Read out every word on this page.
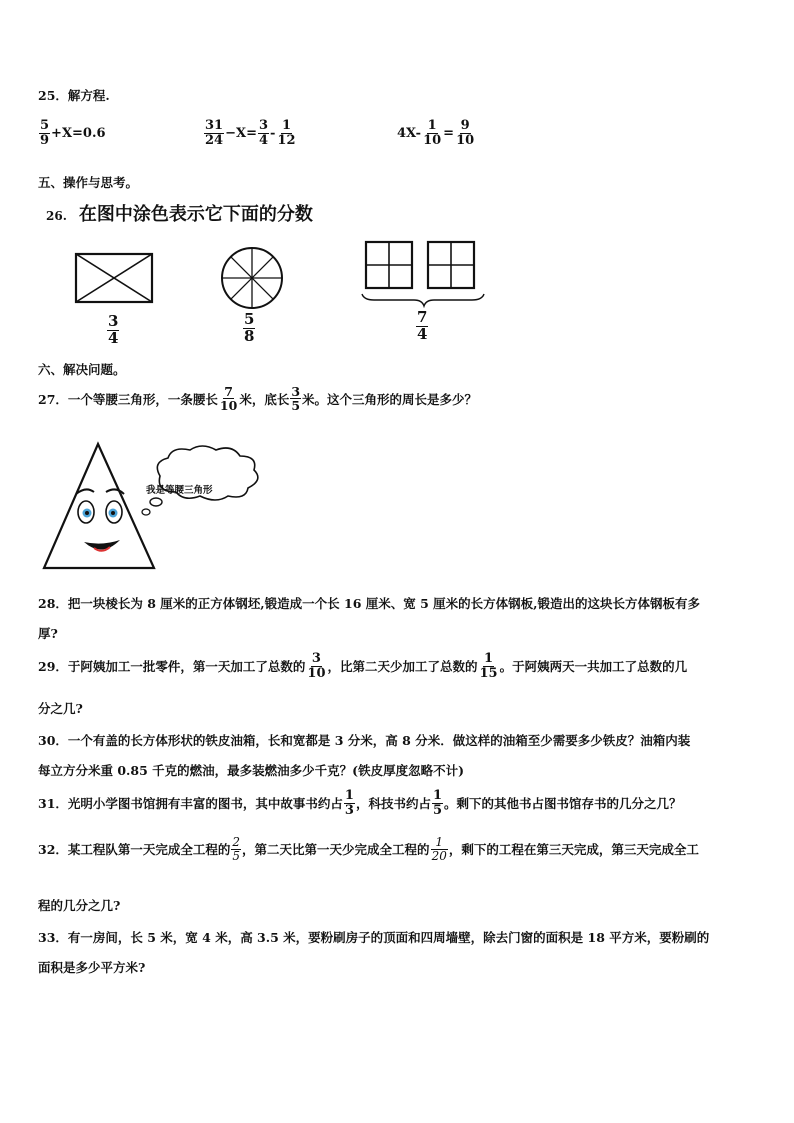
25．解方程.
$\frac{5}{9} +X=0.6$	$\frac{31}{24} -X= \frac{3}{4} - \frac{1}{12}$	$4X- \frac{1}{10} = \frac{9}{10}$
五、操作与思考。
26. 在图中涂色表示它下面的分数
$\frac{3}{4}$	$\frac{5}{8}$	$\frac{7}{4}$
六、解决问题。
27．一个等腰三角形，一条腰长 $\frac{7}{10}$ 米，底长 $\frac{3}{5}$ 米。这个三角形的周长是多少？
我是等腰三角形
28．把一块棱长为 8 厘米的正方体钢坯,锻造成一个长 16 厘米、宽 5 厘米的长方体钢板,锻造出的这块长方体钢板有多
厚?
29．于阿姨加工一批零件，第一天加工了总数的 $\frac{3}{10}$ ，比第二天少加工了总数的 $\frac{1}{15}$ 。于阿姨两天一共加工了总数的几
分之几?
30．一个有盖的长方体形状的铁皮油箱，长和宽都是 3 分米，高 8 分米．做这样的油箱至少需要多少铁皮？油箱内装
每立方分米重 0.85 千克的燃油，最多装燃油多少千克？(铁皮厚度忽略不计)
31．光明小学图书馆拥有丰富的图书，其中故事书约占 $\frac{1}{3}$ ，科技书约占 $\frac{1}{5}$ 。剩下的其他书占图书馆存书的几分之几？
32．某工程队第一天完成全工程的 $\frac{2}{5}$ ，第二天比第一天少完成全工程的 $\frac{1}{20}$ ，剩下的工程在第三天完成，第三天完成全工
程的几分之几?
33．有一房间，长 5 米，宽 4 米，高 3.5 米，要粉刷房子的顶面和四周墙壁，除去门窗的面积是 18 平方米，要粉刷的
面积是多少平方米?
